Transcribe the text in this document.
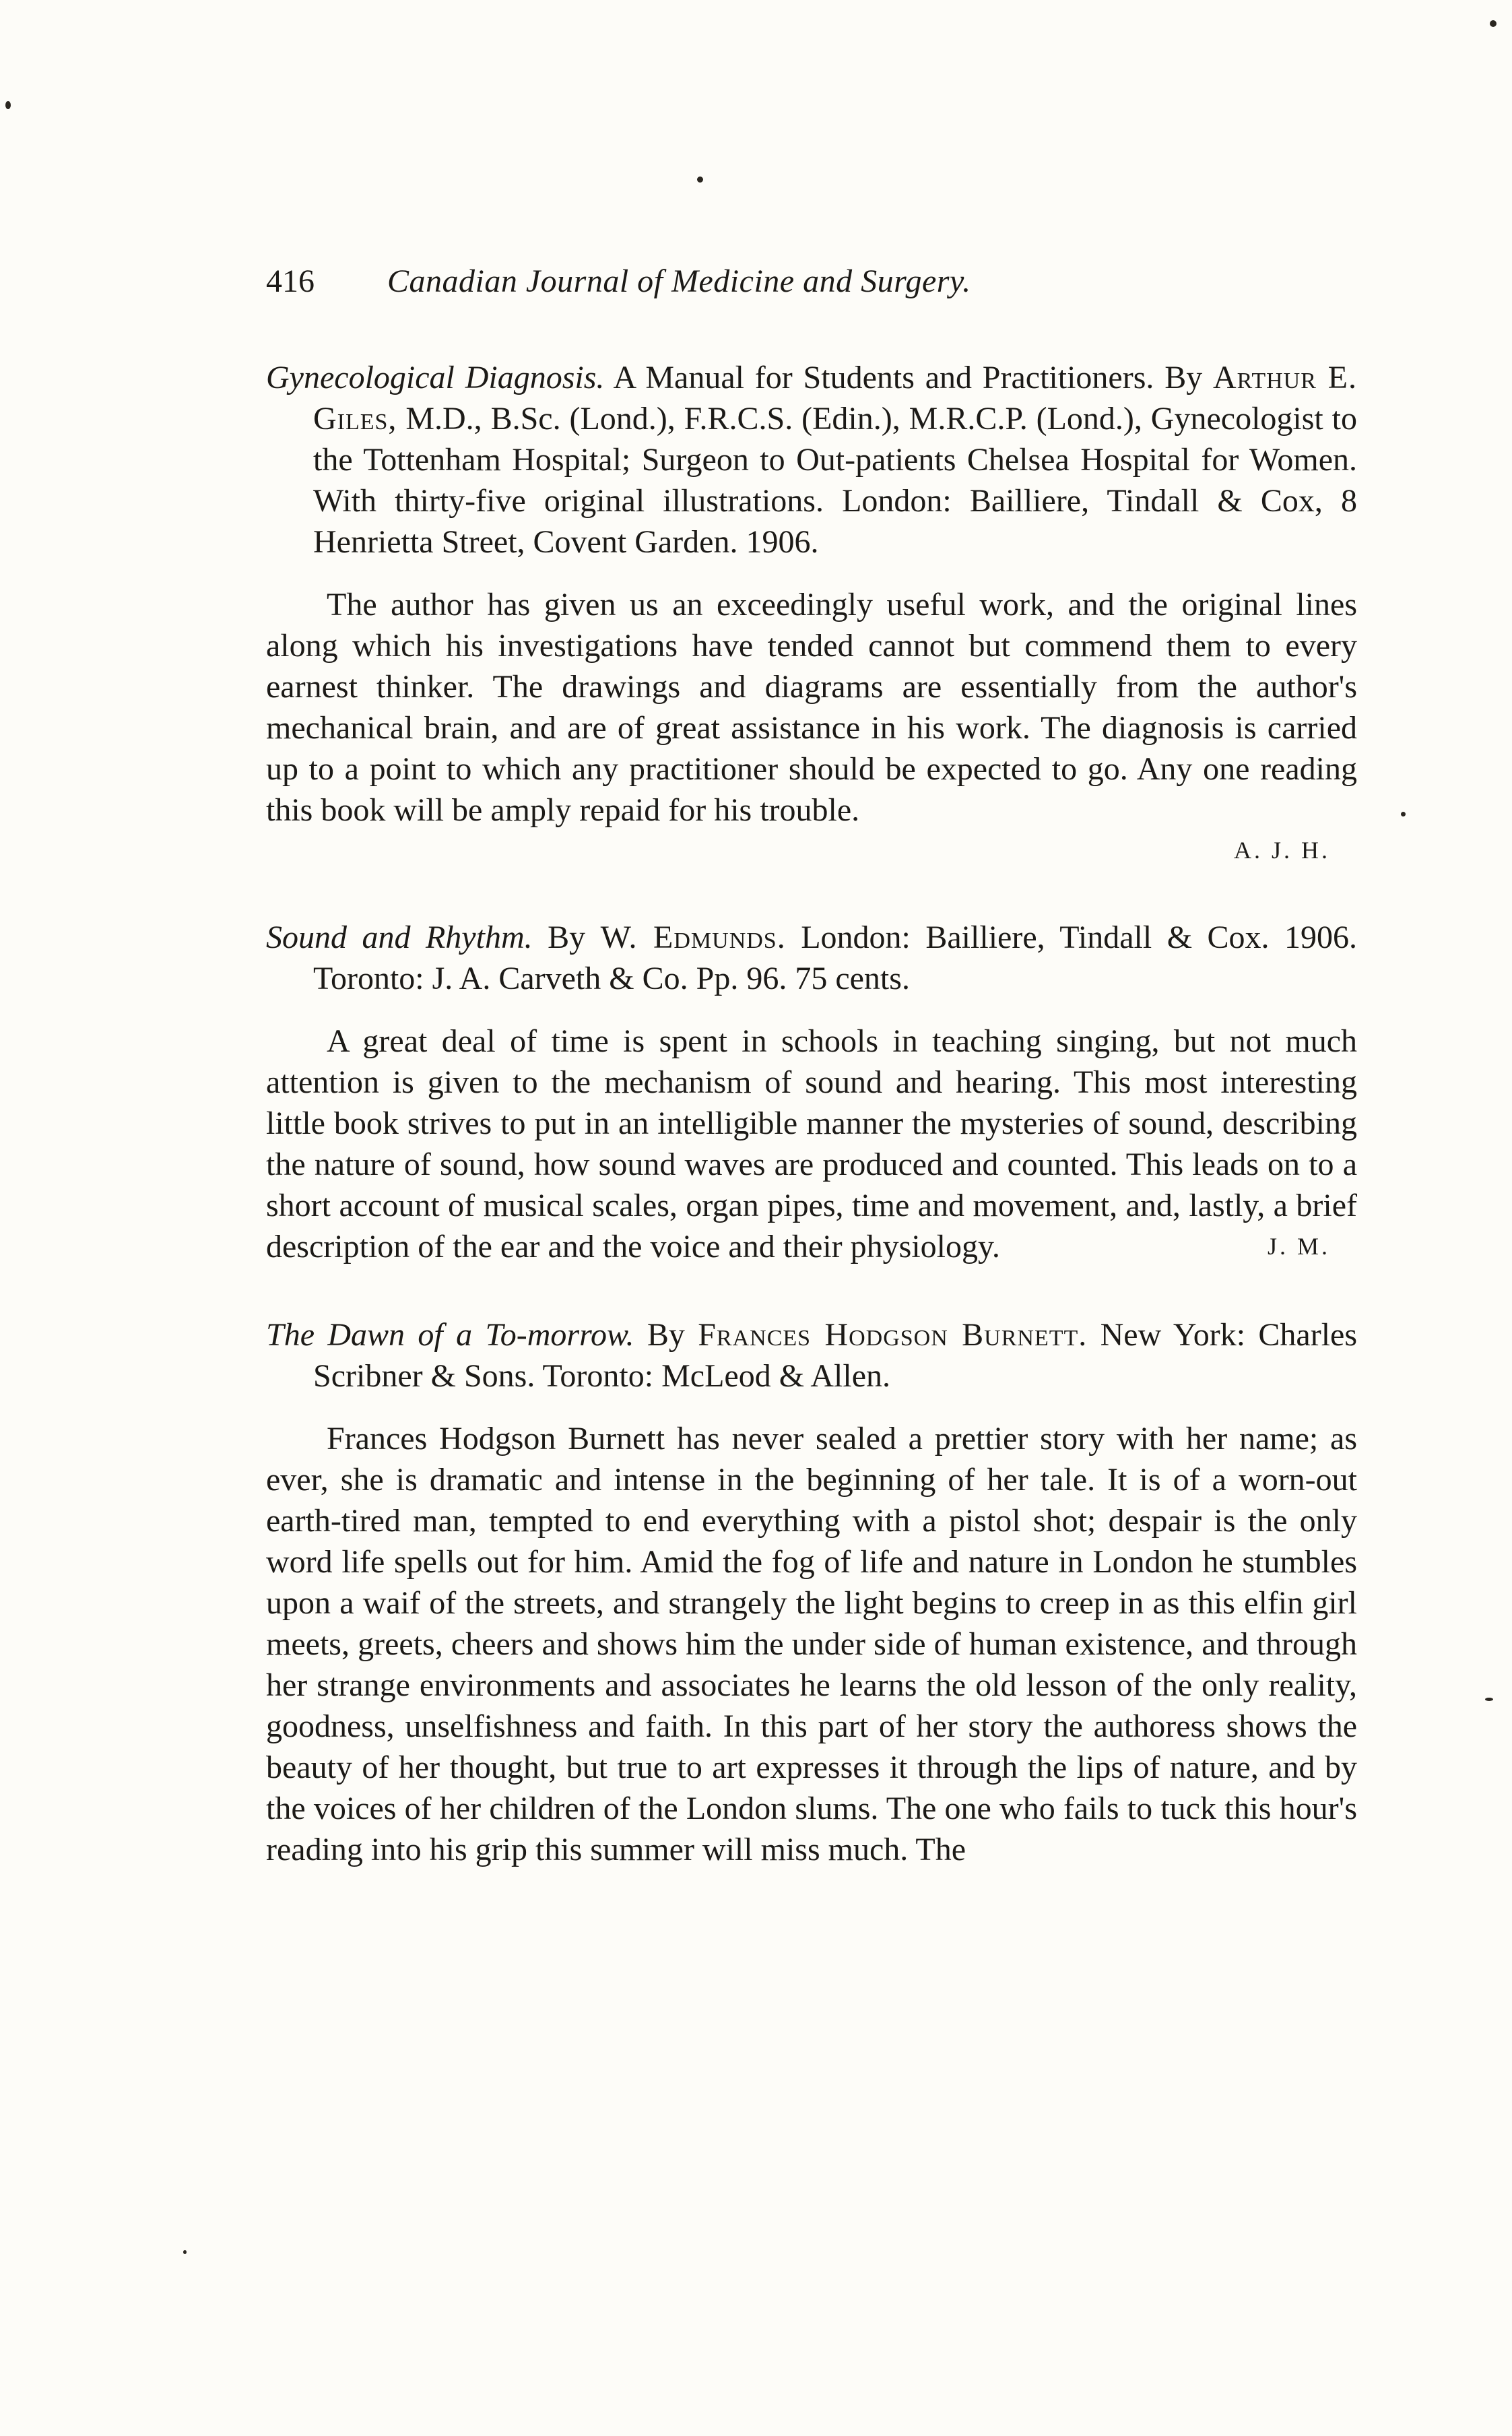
416 Canadian Journal of Medicine and Surgery.

Gynecological Diagnosis. A Manual for Students and Practitioners. By Arthur E. Giles, M.D., B.Sc. (Lond.), F.R.C.S. (Edin.), M.R.C.P. (Lond.), Gynecologist to the Tottenham Hospital; Surgeon to Out-patients Chelsea Hospital for Women. With thirty-five original illustrations. London: Bailliere, Tindall & Cox, 8 Henrietta Street, Covent Garden. 1906.

The author has given us an exceedingly useful work, and the original lines along which his investigations have tended cannot but commend them to every earnest thinker. The drawings and diagrams are essentially from the author's mechanical brain, and are of great assistance in his work. The diagnosis is carried up to a point to which any practitioner should be expected to go. Any one reading this book will be amply repaid for his trouble.

A. J. H.

Sound and Rhythm. By W. Edmunds. London: Bailliere, Tindall & Cox. 1906. Toronto: J. A. Carveth & Co. Pp. 96. 75 cents.

A great deal of time is spent in schools in teaching singing, but not much attention is given to the mechanism of sound and hearing. This most interesting little book strives to put in an intelligible manner the mysteries of sound, describing the nature of sound, how sound waves are produced and counted. This leads on to a short account of musical scales, organ pipes, time and movement, and, lastly, a brief description of the ear and the voice and their physiology.	J. M.

The Dawn of a To-morrow. By Frances Hodgson Burnett. New York: Charles Scribner & Sons. Toronto: McLeod & Allen.

Frances Hodgson Burnett has never sealed a prettier story with her name; as ever, she is dramatic and intense in the beginning of her tale. It is of a worn-out earth-tired man, tempted to end everything with a pistol shot; despair is the only word life spells out for him. Amid the fog of life and nature in London he stumbles upon a waif of the streets, and strangely the light begins to creep in as this elfin girl meets, greets, cheers and shows him the under side of human existence, and through her strange environments and associates he learns the old lesson of the only reality, goodness, unselfishness and faith. In this part of her story the authoress shows the beauty of her thought, but true to art expresses it through the lips of nature, and by the voices of her children of the London slums. The one who fails to tuck this hour's reading into his grip this summer will miss much. The
